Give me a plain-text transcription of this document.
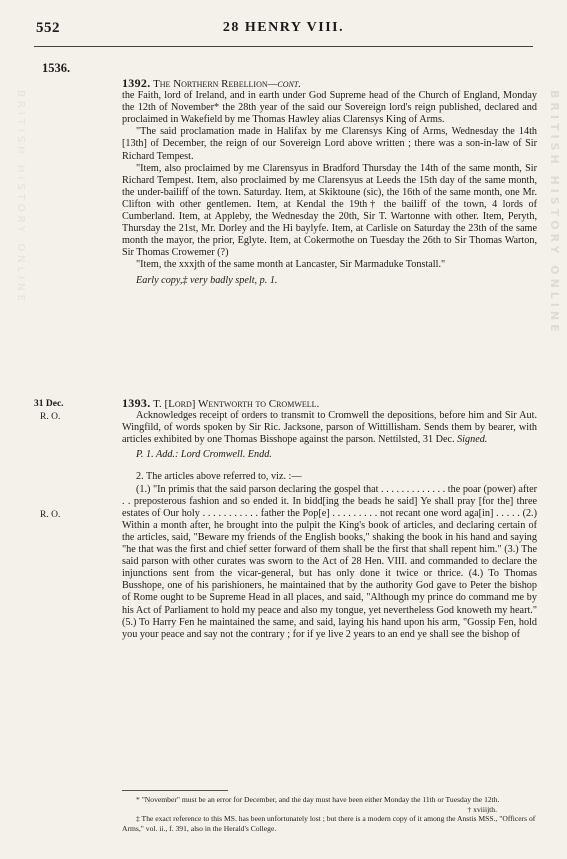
552	28 HENRY VIII.
1536.

1392. The Northern Rebellion—cont.

the Faith, lord of Ireland, and in earth under God Supreme head of the Church of England, Monday the 12th of November* the 28th year of the said our Sovereign lord's reign published, declared and proclaimed in Wakefield by me Thomas Hawley alias Clarensys King of Arms.

"The said proclamation made in Halifax by me Clarensys King of Arms, Wednesday the 14th [13th] of December, the reign of our Sovereign Lord above written ; there was a son-in-law of Sir Richard Tempest.

"Item, also proclaimed by me Clarensyus in Bradford Thursday the 14th of the same month, Sir Richard Tempest. Item, also proclaimed by me Clarensyus at Leeds the 15th day of the same month, the under-bailiff of the town. Saturday. Item, at Skiktoune (sic), the 16th of the same month, one Mr. Clifton with other gentlemen. Item, at Kendal the 19th† the bailiff of the town, 4 lords of Cumberland. Item, at Appleby, the Wednesday the 20th, Sir T. Wartonne with other. Item, Peryth, Thursday the 21st, Mr. Dorley and the Hi baylyfe. Item, at Carlisle on Saturday the 23th of the same month the mayor, the prior, Eglyte. Item, at Cokermothe on Tuesday the 26th to Sir Thomas Warton, Sir Thomas Crowemer (?)

"Item, the xxxjth of the same month at Lancaster, Sir Marmaduke Tonstall."

Early copy,‡ very badly spelt, p. 1.

31 Dec.
R. O.

1393. T. [Lord] Wentworth to Cromwell.

Acknowledges receipt of orders to transmit to Cromwell the depositions, before him and Sir Aut. Wingfild, of words spoken by Sir Ric. Jacksone, parson of Wittillisham. Sends them by bearer, with articles exhibited by one Thomas Bisshope against the parson. Nettilsted, 31 Dec. Signed.

P. 1. Add.: Lord Cromwell. Endd.

2. The articles above referred to, viz. :—

(1.) "In primis that the said parson declaring the gospel that . . . . . . . . . . . . . the poar (power) after . . preposterous fashion and so ended it. In bidd[ing the beads he said] Ye shall pray [for the] three estates of Our holy . . . . . . . . . . . father the Pop[e] . . . . . . . . . not recant one word aga[in] . . . . . (2.) Within a month after, he brought into the pulpit the King's book of articles, and declaring certain of the articles, said, "Beware my friends of the English books," shaking the book in his hand and saying "he that was the first and chief setter forward of them shall be the first that shall repent him." (3.) The said parson with other curates was sworn to the Act of 28 Hen. VIII. and commanded to declare the injunctions sent from the vicar-general, but has only done it twice or thrice. (4.) To Thomas Busshope, one of his parishioners, he maintained that by the authority God gave to Peter the bishop of Rome ought to be Supreme Head in all places, and said, "Although my prince do command me by his Act of Parliament to hold my peace and also my tongue, yet nevertheless God knoweth my heart." (5.) To Harry Fen he maintained the same, and said, laying his hand upon his arm, "Gossip Fen, hold you your peace and say not the contrary ; for if ye live 2 years to an end ye shall see the bishop of

R. O.

* "November" must be an error for December, and the day must have been either Monday the 11th or Tuesday the 12th.

† xviiijth.

‡ The exact reference to this MS. has been unfortunately lost ; but there is a modern copy of it among the Anstis MSS., "Officers of Arms," vol. ii., f. 391, also in the Herald's College.

BRITISH HISTORY ONLINE
BRITISH HISTORY ONLINE
